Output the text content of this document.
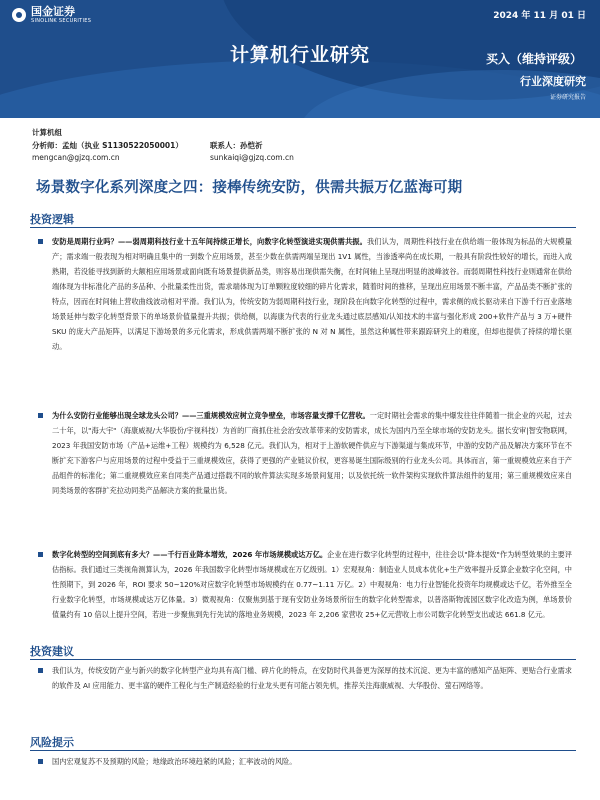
国金证券
SINOLINK SECURITIES	2024 年 11 月 01 日
计算机行业研究	买入（维持评级）
行业深度研究
证券研究报告
计算机组
分析师：孟灿（执业 S1130522050001）
mengcan@gjzq.com.cn
联系人：孙恺祈
sunkaiqi@gjzq.com.cn
场景数字化系列深度之四：接棒传统安防，供需共振万亿蓝海可期
投资逻辑
安防是周期行业吗？——弱周期科技行业十五年间持续正增长，向数字化转型演进实现供需共振。我们认为，周期性科技行业在供给端一般体现为标品的大规模量产；需求端一般表现为相对明确且集中的一到数个应用场景，甚至少数在供需两端呈现出 1V1 属性，当渗透率尚在成长期，一般具有阶段性较好的增长，而进入成熟期，若没能寻找到新的大额相应用场景或面向既有场景提供新品类，则容易出现供需失衡，在时间轴上呈现出明显的波峰波谷。而弱周期性科技行业则通常在供给端体现为非标准化产品的多品种、小批量柔性出货，需求端体现为订单颗粒度较细的碎片化需求，随着时间的推移，呈现出应用场景不断丰富，产品品类不断扩张的特点，因而在时间轴上营收曲线波动相对平滑。我们认为，传统安防为弱周期科技行业，现阶段在向数字化转型的过程中，需求侧的成长驱动来自下游千行百业落地场景延伸与数字化转型背景下的单场景价值量提升共振；供给侧，以海康为代表的行业龙头通过底层感知/认知技术的丰富与强化形成 200+软件产品与 3 万+硬件 SKU 的庞大产品矩阵，以满足下游场景的多元化需求，形成供需两端不断扩张的 N 对 N 属性，虽然这种属性带来跟踪研究上的难度，但却也提供了持续的增长驱动。
为什么安防行业能够出现全球龙头公司？——三重规模效应树立竞争壁垒，市场容量支撑千亿营收。一定时期社会需求的集中爆发往往伴随着一批企业的兴起，过去二十年，以"海大宇"（海康威视/大华股份/宇视科技）为首的厂商抓住社会治安改革带来的安防需求，成长为国内乃至全球市场的安防龙头。据长安审|智安物联网，2023 年我国安防市场（产品+运维+工程）规模约为 6,528 亿元。我们认为，相对于上游软硬件供应与下游渠道与集成环节，中游的安防产品及解决方案环节在不断扩充下游客户与应用场景的过程中受益于三重规模效应，获得了更强的产业链议价权，更容易诞生国际级别的行业龙头公司。具体而言，第一重规模效应来自于产品组件的标准化；第二重规模效应来自同类产品通过搭载不同的软件算法实现多场景间复用；以及依托统一软件架构实现软件算法组件的复用；第三重规模效应来自同类场景的客群扩充拉动同类产品解决方案的批量出货。
数字化转型的空间到底有多大？——千行百业降本增效，2026 年市场规模或达万亿。企业在进行数字化转型的过程中，往往会以"降本提效"作为转型效果的主要评估指标。我们通过三类视角测算认为，2026 年我国数字化转型市场规模或在万亿级别。1）宏观视角：制造业人员成本优化+生产效率提升反算企业数字化空间，中性预期下，到 2026 年，ROI 要求 50~120%对应数字化转型市场规模约在 0.77~1.11 万亿。2）中观视角：电力行业智能化投资年均规模或达千亿，若外推至全行业数字化转型，市场规模或达万亿体量。3）微观视角：仅聚焦到基于现有安防业务场景所衍生的数字化转型需求，以普洛斯物流园区数字化改造为例，单场景价值量约有 10 倍以上提升空间，若进一步聚焦到先行先试的落地业务规模，2023 年 2,206 家营收 25+亿元营收上市公司数字化转型支出或达 661.8 亿元。
投资建议
我们认为，传统安防产业与新兴的数字化转型产业均具有高门槛、碎片化的特点，在安防时代具备更为深厚的技术沉淀、更为丰富的感知产品矩阵、更贴合行业需求的软件及 AI 应用能力、更丰富的硬件工程化与生产制造经验的行业龙头更有可能占领先机，推荐关注海康威视、大华股份、萤石网络等。
风险提示
国内宏观复苏不及预期的风险；地缘政治环境趋紧的风险；汇率波动的风险。
